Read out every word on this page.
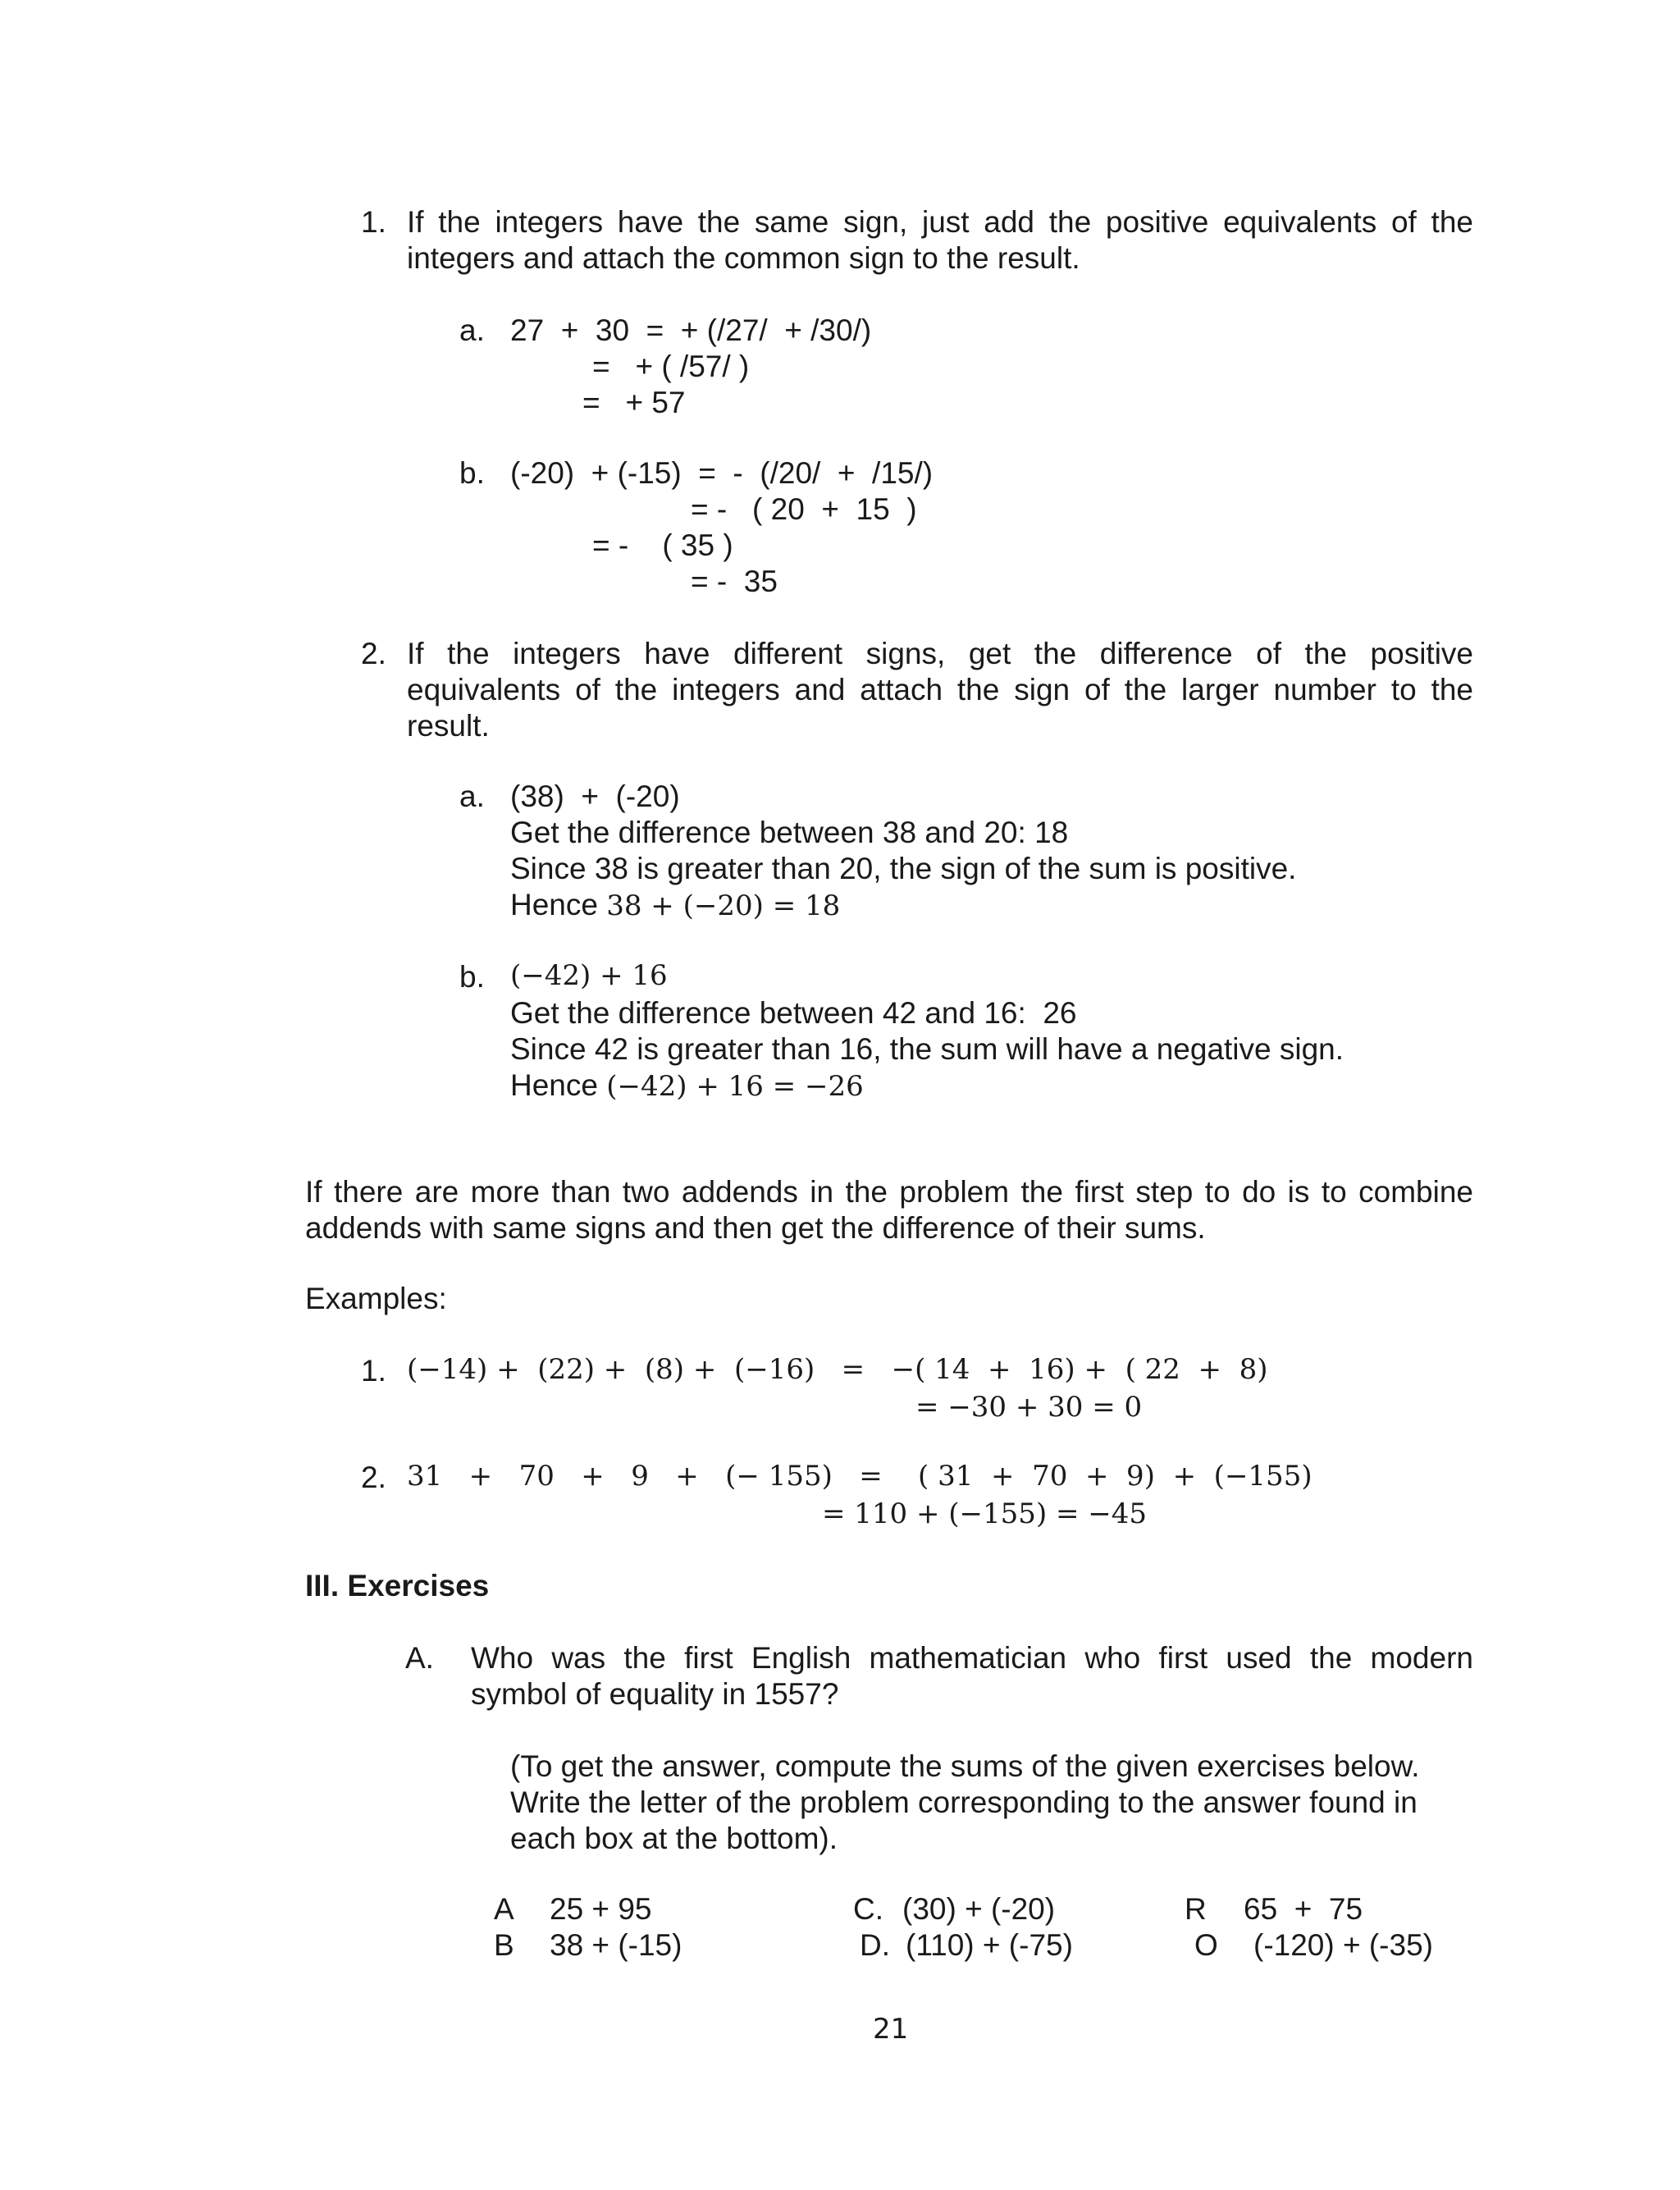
1. If the integers have the same sign, just add the positive equivalents of the
integers and attach the common sign to the result.
a. 27  +  30  =  + (/27/  + /30/)
=   + ( /57/ )
=   + 57
b. (-20)  + (-15)  =  -  (/20/  +  /15/)
= -   ( 20  +  15  )
= -    ( 35 )
= -  35
2. If the integers have different signs, get the difference of the positive
equivalents of the integers and attach the sign of the larger number to the
result.
a. (38)  +  (-20)
Get the difference between 38 and 20: 18
Since 38 is greater than 20, the sign of the sum is positive.
Hence 38 + (−20) = 18
b. (−42) + 16
Get the difference between 42 and 16:  26
Since 42 is greater than 16, the sum will have a negative sign.
Hence (−42) + 16 = −26
If there are more than two addends in the problem the first step to do is to combine
addends with same signs and then get the difference of their sums.
Examples:
1. (−14) +  (22) +  (8) +  (−16)   =   −( 14  +  16) +  ( 22  +  8)
= −30 + 30 = 0
2. 31   +   70   +   9   +   (− 155)   =    ( 31  +  70  +  9)  +  (−155)
= 110 + (−155) = −45
III. Exercises
A. Who was the first English mathematician who first used the modern
symbol of equality in 1557?
(To get the answer, compute the sums of the given exercises below.
Write the letter of the problem corresponding to the answer found in
each box at the bottom).
A 25 + 95
B 38 + (-15)
C. (30) + (-20)
D. (110) + (-75)
R 65  +  75
O (-120) + (-35)
21
